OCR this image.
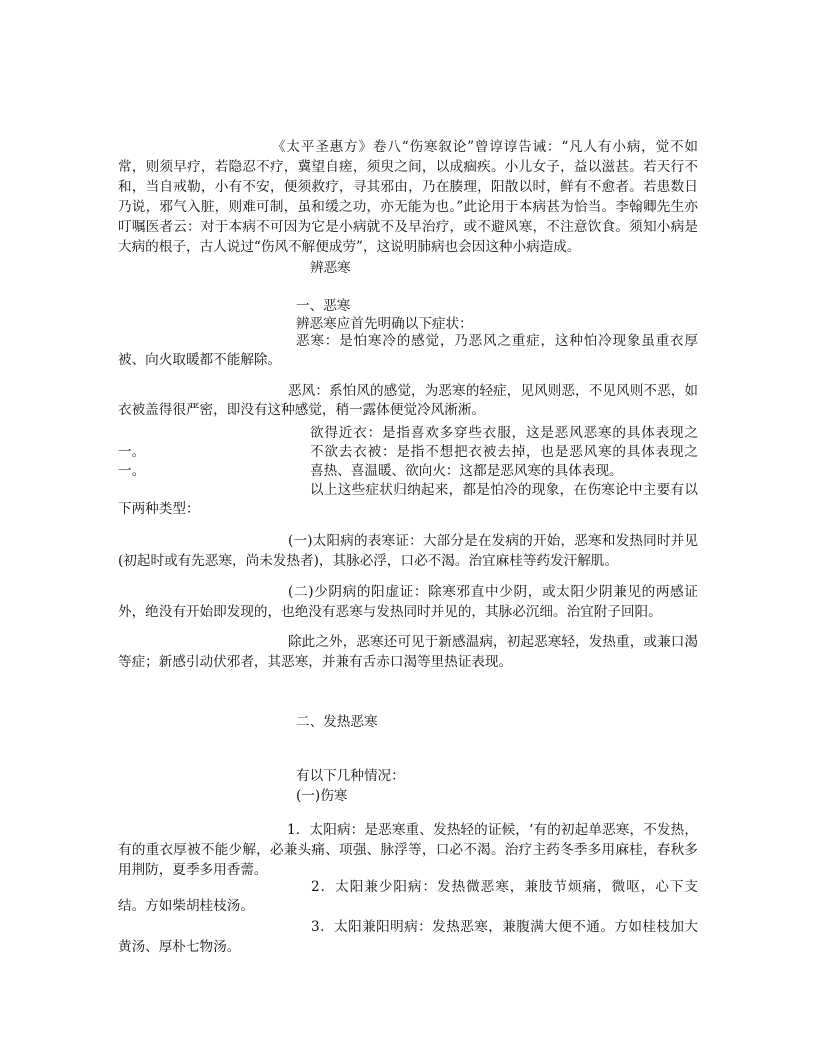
《太平圣惠方》卷八“伤寒叙论”曾谆谆告诫：“凡人有小病，觉不如常，则须早疗，若隐忍不疗，冀望自瘥，须臾之间，以成痼疾。小儿女子，益以滋甚。若天行不和，当自戒勒，小有不安，便须救疗，寻其邪由，乃在腠理，阳散以时，鲜有不愈者。若患数日乃说，邪气入脏，则难可制，虽和缓之功，亦无能为也。”此论用于本病甚为恰当。李翰卿先生亦叮嘱医者云：对于本病不可因为它是小病就不及早治疗，或不避风寒，不注意饮食。须知小病是大病的根子，古人说过“伤风不解便成劳”，这说明肺病也会因这种小病造成。
辨恶寒
一、恶寒
辨恶寒应首先明确以下症状：
恶寒：是怕寒冷的感觉，乃恶风之重症，这种怕冷现象虽重衣厚被、向火取暖都不能解除。
恶风：系怕风的感觉，为恶寒的轻症，见风则恶，不见风则不恶，如衣被盖得很严密，即没有这种感觉，稍一露体便觉冷风淅淅。
欲得近衣：是指喜欢多穿些衣服，这是恶风恶寒的具体表现之一。	不欲去衣被：是指不想把衣被去掉，也是恶风寒的具体表现之一。	喜热、喜温暖、欲向火：这都是恶风寒的具体表现。
以上这些症状归纳起来，都是怕冷的现象，在伤寒论中主要有以下两种类型：
(一)太阳病的表寒证：大部分是在发病的开始，恶寒和发热同时并见(初起时或有先恶寒，尚未发热者)，其脉必浮，口必不渴。治宜麻桂等药发汗解肌。
(二)少阴病的阳虚证：除寒邪直中少阴，或太阳少阴兼见的两感证外，绝没有开始即发现的，也绝没有恶寒与发热同时并见的，其脉必沉细。治宜附子回阳。
除此之外，恶寒还可见于新感温病，初起恶寒轻，发热重，或兼口渴等症；新感引动伏邪者，其恶寒，并兼有舌赤口渴等里热证表现。
二、发热恶寒
有以下几种情况：
(一)伤寒
1．太阳病：是恶寒重、发热轻的证候，‘有的初起单恶寒，不发热，有的重衣厚被不能少解，必兼头痛、项强、脉浮等，口必不渴。治疗主药冬季多用麻桂，春秋多用荆防，夏季多用香薷。
2．太阳兼少阳病：发热微恶寒，兼肢节烦痛，微呕，心下支结。方如柴胡桂枝汤。
3．太阳兼阳明病：发热恶寒，兼腹满大便不通。方如桂枝加大黄汤、厚朴七物汤。
